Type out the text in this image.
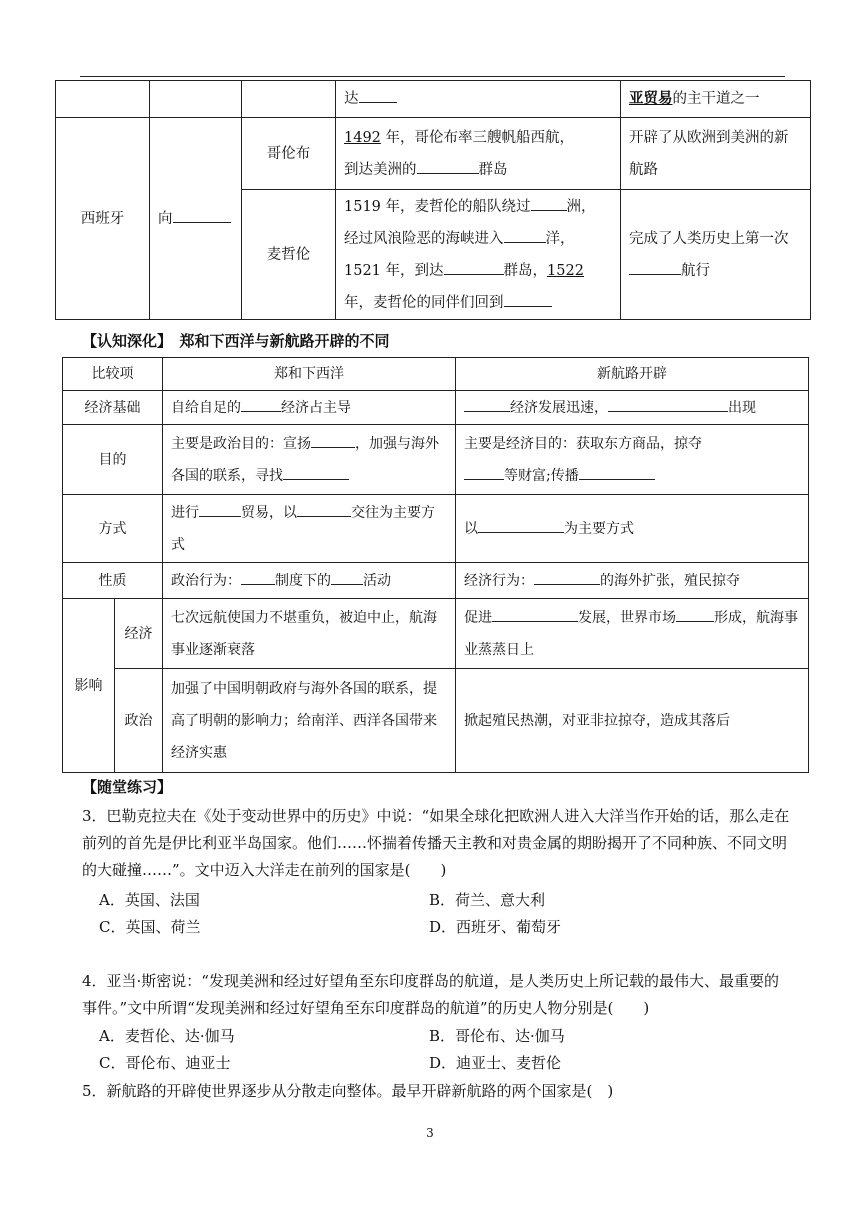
			达	亚贸易的主干道之一
西班牙	向	哥伦布	1492 年，哥伦布率三艘帆船西航，
到达美洲的 群岛	开辟了从欧洲到美洲的新航路
		麦哲伦	1519 年，麦哲伦的船队绕过 洲，
经过风浪险恶的海峡进入 洋，
1521 年，到达 群岛，1522
年，麦哲伦的同伴们回到	完成了人类历史上第一次航行
【认知深化】　郑和下西洋与新航路开辟的不同
比较项		郑和下西洋	新航路开辟
经济基础		自给自足的 经济占主导	经济发展迅速， 出现
目的		主要是政治目的：宣扬 ，加强与海外各国的联系，寻找	主要是经济目的：获取东方商品，掠夺
等财富;传播
方式		进行 贸易，以 交往为主要方式	以 为主要方式
性质		政治行为： 制度下的 活动	经济行为： 的海外扩张，殖民掠夺
影响	经济	七次远航使国力不堪重负，被迫中止，航海事业逐渐衰落	促进 发展，世界市场 形成，航海事业蒸蒸日上
	政治	加强了中国明朝政府与海外各国的联系，提高了明朝的影响力；给南洋、西洋各国带来经济实惠	掀起殖民热潮，对亚非拉掠夺，造成其落后
【随堂练习】
3．巴勒克拉夫在《处于变动世界中的历史》中说：“如果全球化把欧洲人进入大洋当作开始的话，那么走在前列的首先是伊比利亚半岛国家。他们……怀揣着传播天主教和对贵金属的期盼揭开了不同种族、不同文明的大碰撞……”。文中迈入大洋走在前列的国家是(　　)
A．英国、法国	B．荷兰、意大利
C．英国、荷兰	D．西班牙、葡萄牙
4．亚当·斯密说：“发现美洲和经过好望角至东印度群岛的航道，是人类历史上所记载的最伟大、最重要的事件。”文中所谓“发现美洲和经过好望角至东印度群岛的航道”的历史人物分别是(　　)
A．麦哲伦、达·伽马	B．哥伦布、达·伽马
C．哥伦布、迪亚士	D．迪亚士、麦哲伦
5．新航路的开辟使世界逐步从分散走向整体。最早开辟新航路的两个国家是(　)
3
